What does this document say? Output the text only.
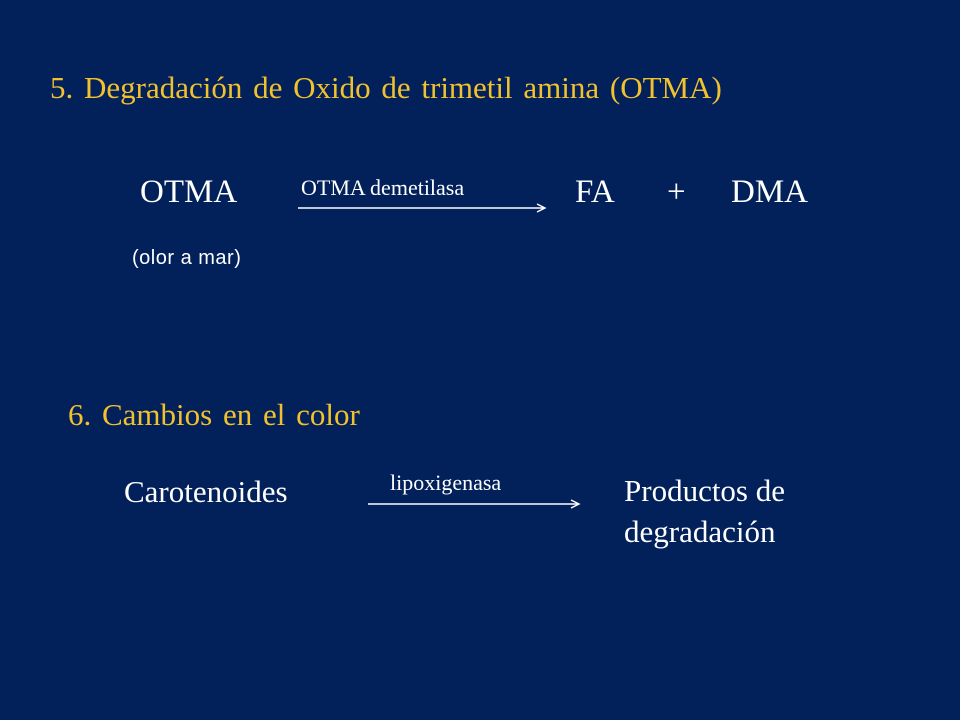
5. Degradación de Oxido de trimetil amina (OTMA)
OTMA	OTMA demetilasa	FA + DMA
(olor a mar)
6. Cambios en el color
Carotenoides	lipoxigenasa	Productos de degradación
